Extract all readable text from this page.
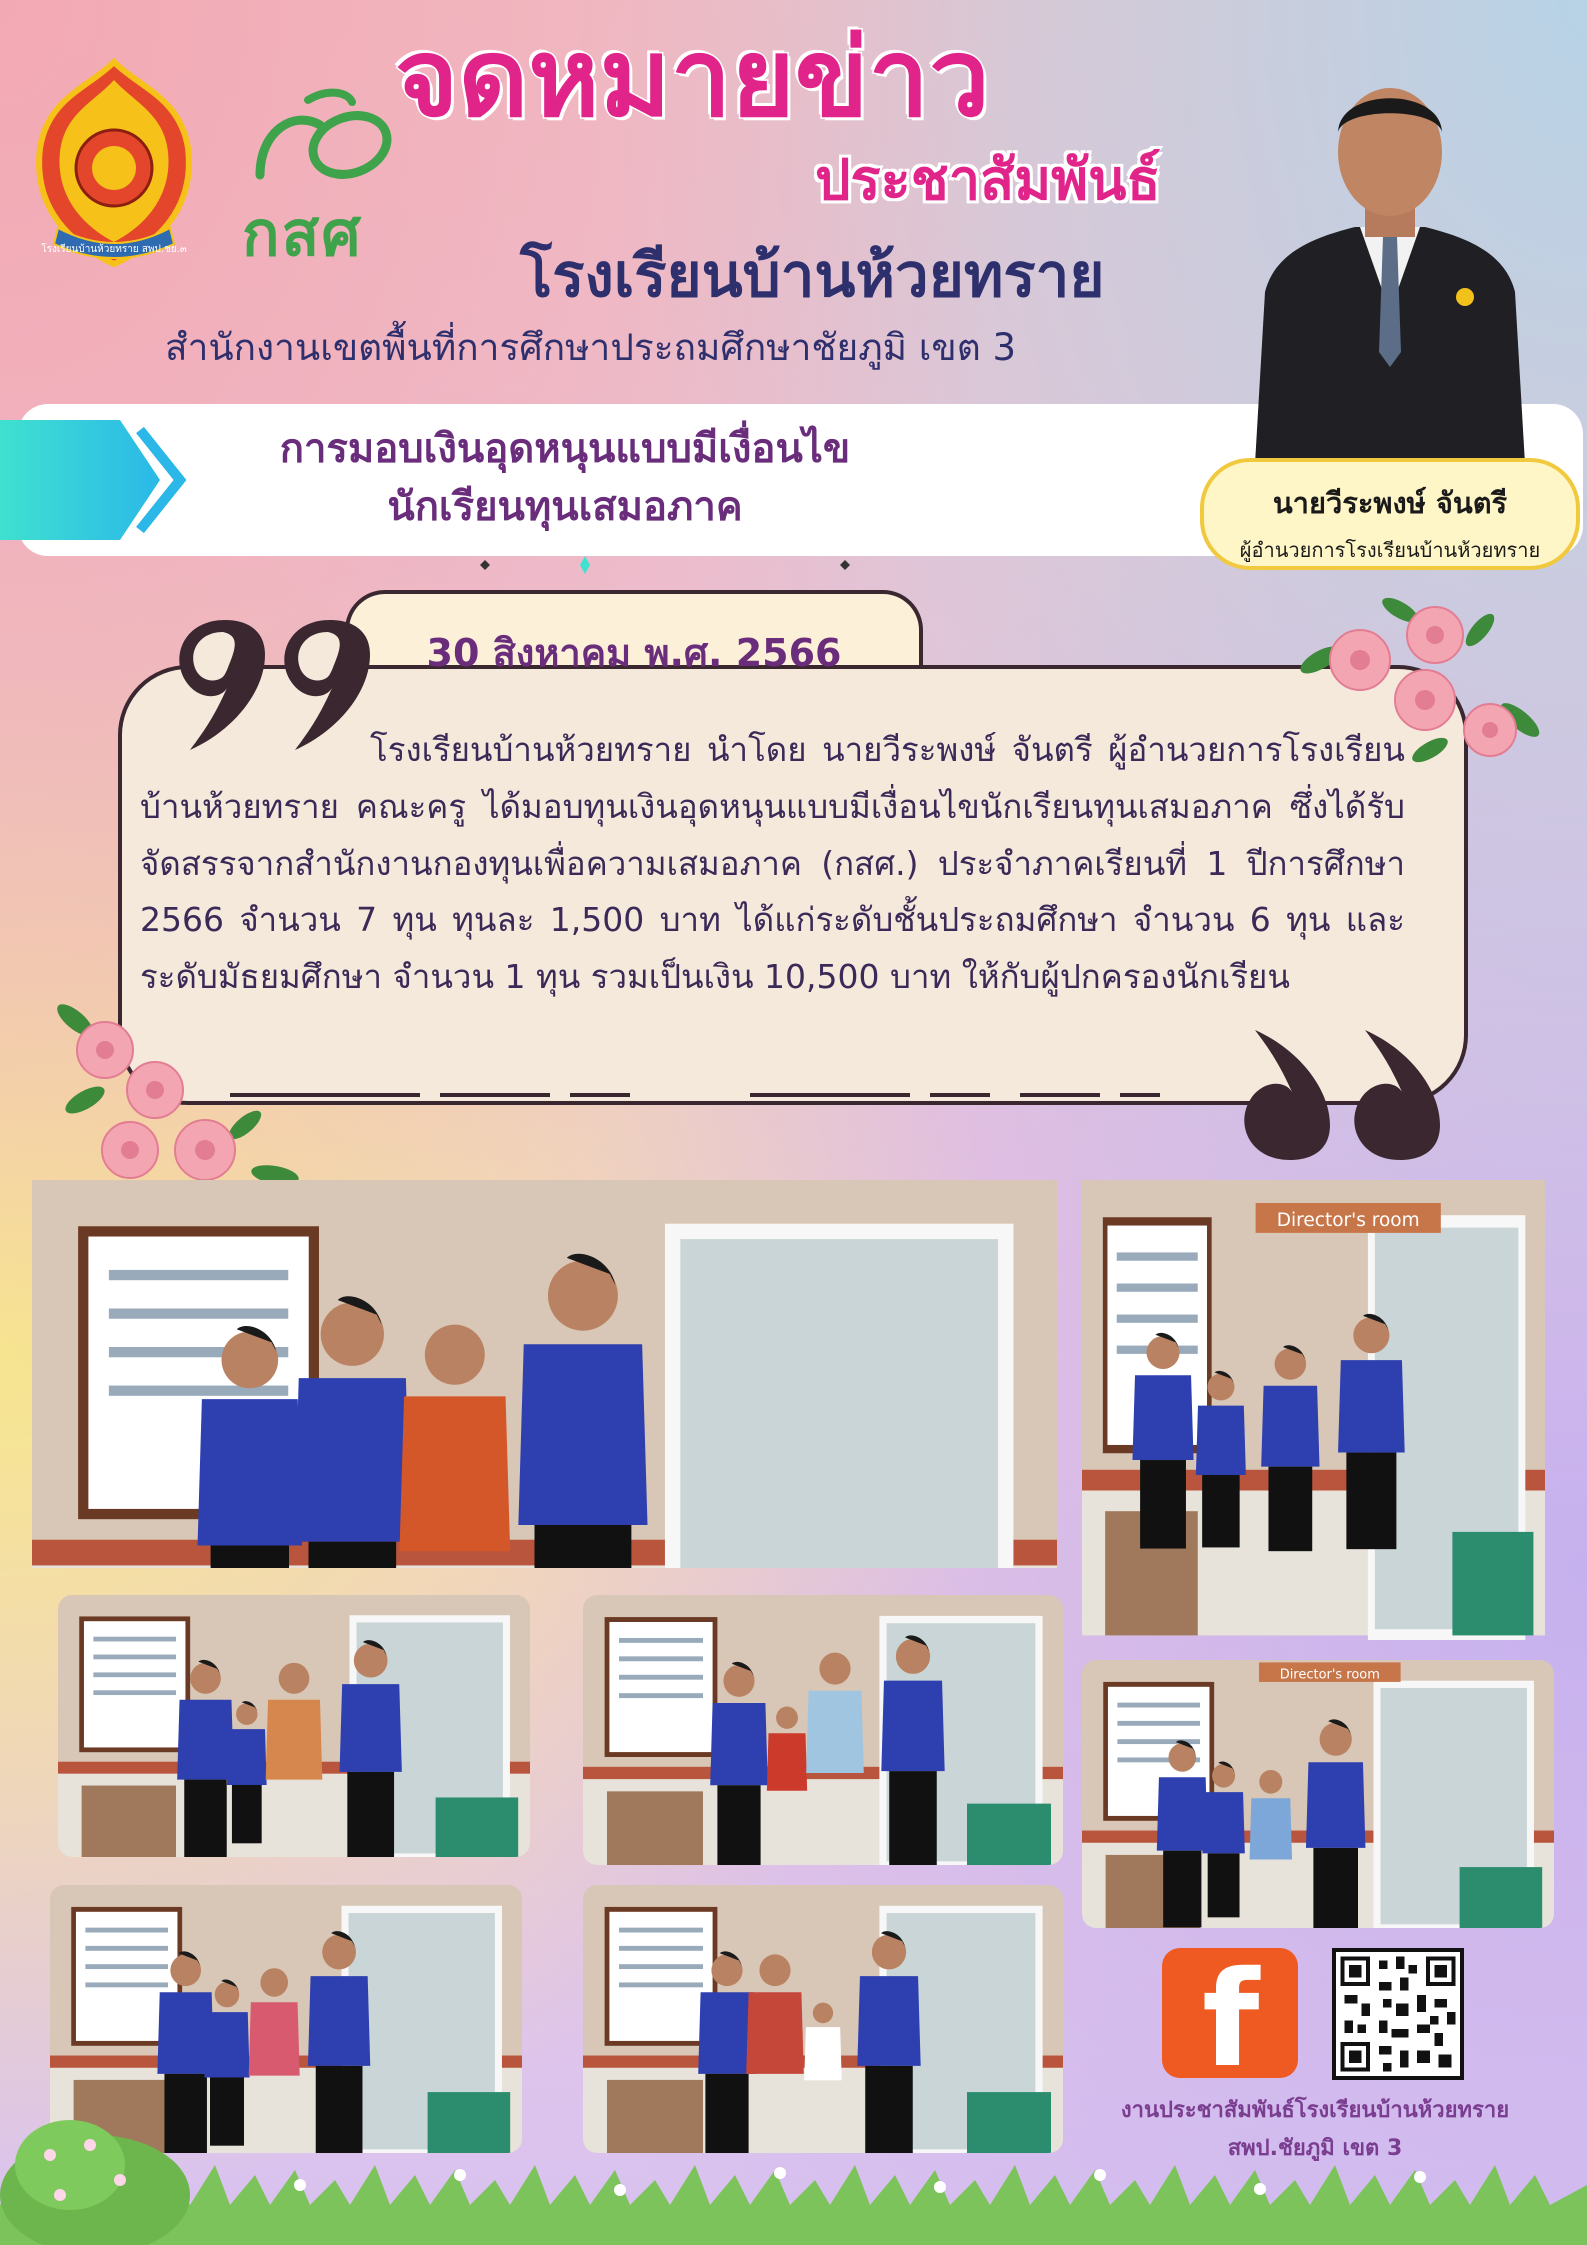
โรงเรียนบ้านห้วยทราย สพป.ชย.๓ กสศ
จดหมายข่าว
ประชาสัมพันธ์
โรงเรียนบ้านห้วยทราย
สำนักงานเขตพื้นที่การศึกษาประถมศึกษาชัยภูมิ เขต 3
นายวีระพงษ์ จันตรี
ผู้อำนวยการโรงเรียนบ้านห้วยทราย
การมอบเงินอุดหนุนแบบมีเงื่อนไข
นักเรียนทุนเสมอภาค
30 สิงหาคม พ.ศ. 2566
โรงเรียนบ้านห้วยทราย นำโดย นายวีระพงษ์ จันตรี ผู้อำนวยการโรงเรียนบ้านห้วยทราย คณะครู ได้มอบทุนเงินอุดหนุนแบบมีเงื่อนไขนักเรียนทุนเสมอภาค ซึ่งได้รับจัดสรรจากสำนักงานกองทุนเพื่อความเสมอภาค (กสศ.) ประจำภาคเรียนที่ 1 ปีการศึกษา 2566 จำนวน 7 ทุน ทุนละ 1,500 บาท ได้แก่ระดับชั้นประถมศึกษา จำนวน 6 ทุน และระดับมัธยมศึกษา จำนวน 1 ทุน รวมเป็นเงิน 10,500 บาท ให้กับผู้ปกครองนักเรียน
Director's room
Director's room
f
งานประชาสัมพันธ์โรงเรียนบ้านห้วยทราย
สพป.ชัยภูมิ เขต 3
